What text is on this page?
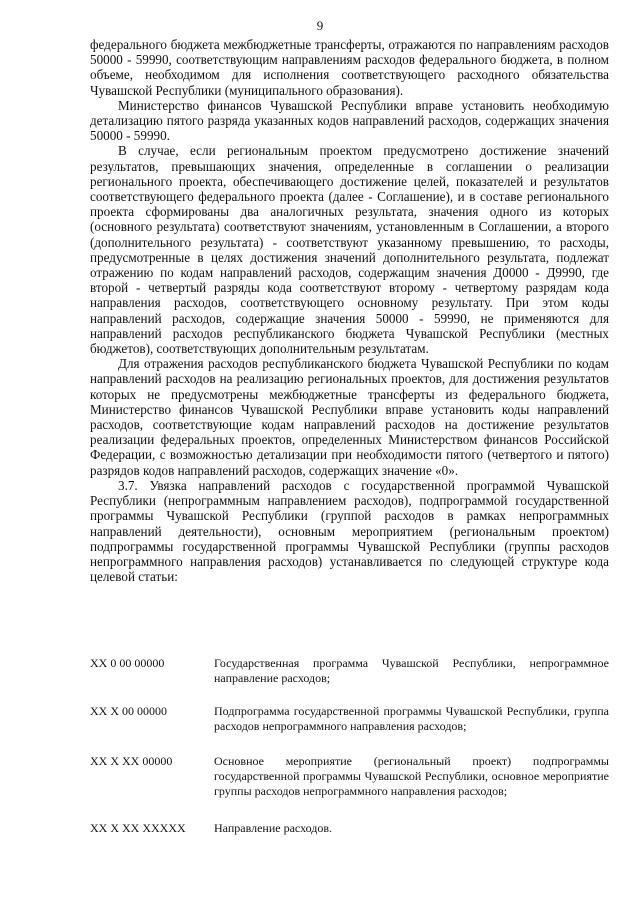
9

федерального бюджета межбюджетные трансферты, отражаются по направлениям расходов 50000 - 59990, соответствующим направлениям расходов федерального бюджета, в полном объеме, необходимом для исполнения соответствующего расходного обязательства Чувашской Республики (муниципального образования).

Министерство финансов Чувашской Республики вправе установить необходимую детализацию пятого разряда указанных кодов направлений расходов, содержащих значения 50000 - 59990.

В случае, если региональным проектом предусмотрено достижение значений результатов, превышающих значения, определенные в соглашении о реализации регионального проекта, обеспечивающего достижение целей, показателей и результатов соответствующего федерального проекта (далее - Соглашение), и в составе регионального проекта сформированы два аналогичных результата, значения одного из которых (основного результата) соответствуют значениям, установленным в Соглашении, а второго (дополнительного результата) - соответствуют указанному превышению, то расходы, предусмотренные в целях достижения значений дополнительного результата, подлежат отражению по кодам направлений расходов, содержащим значения Д0000 - Д9990, где второй - четвертый разряды кода соответствуют второму - четвертому разрядам кода направления расходов, соответствующего основному результату. При этом коды направлений расходов, содержащие значения 50000 - 59990, не применяются для направлений расходов республиканского бюджета Чувашской Республики (местных бюджетов), соответствующих дополнительным результатам.

Для отражения расходов республиканского бюджета Чувашской Республики по кодам направлений расходов на реализацию региональных проектов, для достижения результатов которых не предусмотрены межбюджетные трансферты из федерального бюджета, Министерство финансов Чувашской Республики вправе установить коды направлений расходов, соответствующие кодам направлений расходов на достижение результатов реализации федеральных проектов, определенных Министерством финансов Российской Федерации, с возможностью детализации при необходимости пятого (четвертого и пятого) разрядов кодов направлений расходов, содержащих значение «0».

3.7. Увязка направлений расходов с государственной программой Чувашской Республики (непрограммным направлением расходов), подпрограммой государственной программы Чувашской Республики (группой расходов в рамках непрограммных направлений деятельности), основным мероприятием (региональным проектом) подпрограммы государственной программы Чувашской Республики (группы расходов непрограммного направления расходов) устанавливается по следующей структуре кода целевой статьи:

XX 0 00 00000	Государственная программа Чувашской Республики, непрограммное направление расходов;
XX X 00 00000	Подпрограмма государственной программы Чувашской Республики, группа расходов непрограммного направления расходов;
XX X XX 00000	Основное мероприятие (региональный проект) подпрограммы государственной программы Чувашской Республики, основное мероприятие группы расходов непрограммного направления расходов;
XX X XX XXXXX	Направление расходов.
